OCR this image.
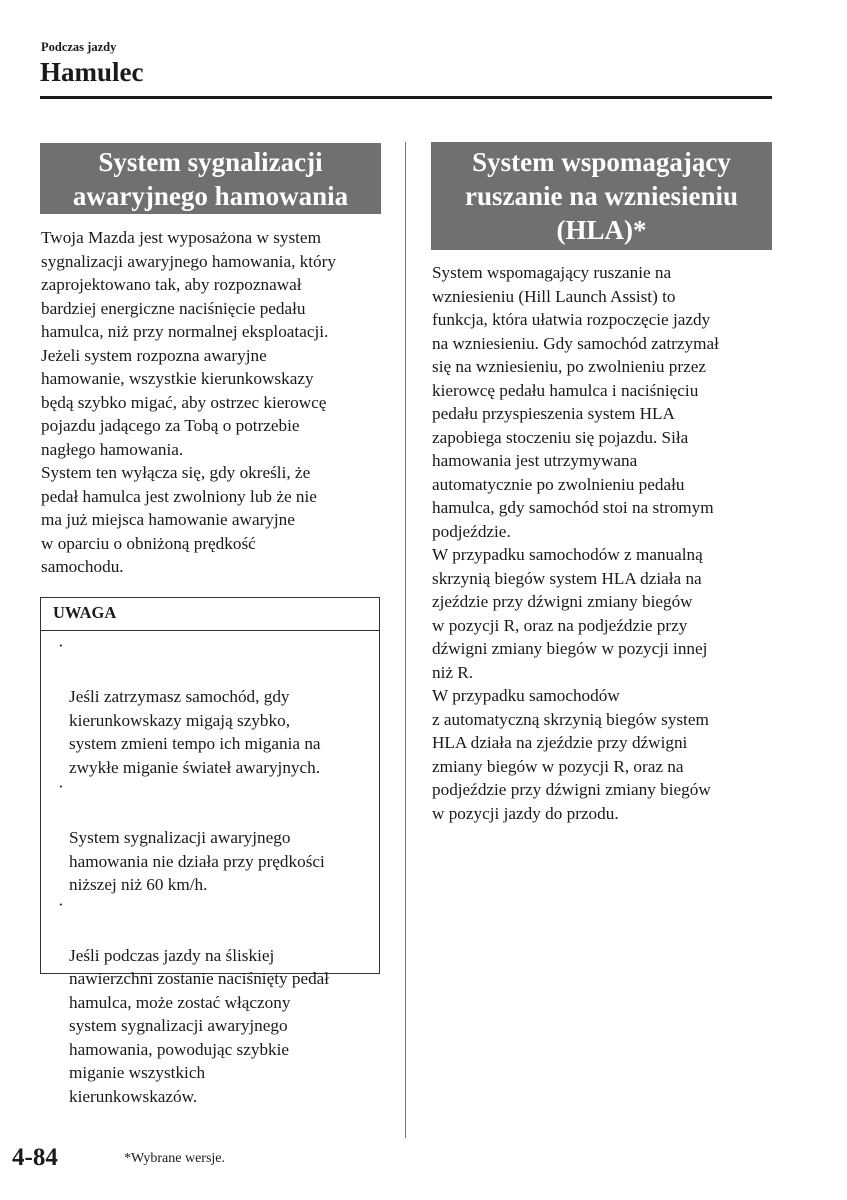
Podczas jazdy
Hamulec
System sygnalizacji
awaryjnego hamowania

Twoja Mazda jest wyposażona w system
sygnalizacji awaryjnego hamowania, który
zaprojektowano tak, aby rozpoznawał
bardziej energiczne naciśnięcie pedału
hamulca, niż przy normalnej eksploatacji.
Jeżeli system rozpozna awaryjne
hamowanie, wszystkie kierunkowskazy
będą szybko migać, aby ostrzec kierowcę
pojazdu jadącego za Tobą o potrzebie
nagłego hamowania.

System ten wyłącza się, gdy określi, że
pedał hamulca jest zwolniony lub że nie
ma już miejsca hamowanie awaryjne
w oparciu o obniżoną prędkość
samochodu.

UWAGA

·

Jeśli zatrzymasz samochód, gdy
kierunkowskazy migają szybko,
system zmieni tempo ich migania na
zwykłe miganie świateł awaryjnych.

·

System sygnalizacji awaryjnego
hamowania nie działa przy prędkości
niższej niż 60 km/h.

·

Jeśli podczas jazdy na śliskiej
nawierzchni zostanie naciśnięty pedał
hamulca, może zostać włączony
system sygnalizacji awaryjnego
hamowania, powodując szybkie
miganie wszystkich
kierunkowskazów.

System wspomagający
ruszanie na wzniesieniu
(HLA)*

System wspomagający ruszanie na
wzniesieniu (Hill Launch Assist) to
funkcja, która ułatwia rozpoczęcie jazdy
na wzniesieniu. Gdy samochód zatrzymał
się na wzniesieniu, po zwolnieniu przez
kierowcę pedału hamulca i naciśnięciu
pedału przyspieszenia system HLA
zapobiega stoczeniu się pojazdu. Siła
hamowania jest utrzymywana
automatycznie po zwolnieniu pedału
hamulca, gdy samochód stoi na stromym
podjeździe.

W przypadku samochodów z manualną
skrzynią biegów system HLA działa na
zjeździe przy dźwigni zmiany biegów
w pozycji R, oraz na podjeździe przy
dźwigni zmiany biegów w pozycji innej
niż R.

W przypadku samochodów
z automatyczną skrzynią biegów system
HLA działa na zjeździe przy dźwigni
zmiany biegów w pozycji R, oraz na
podjeździe przy dźwigni zmiany biegów
w pozycji jazdy do przodu.

4-84	*Wybrane wersje.
